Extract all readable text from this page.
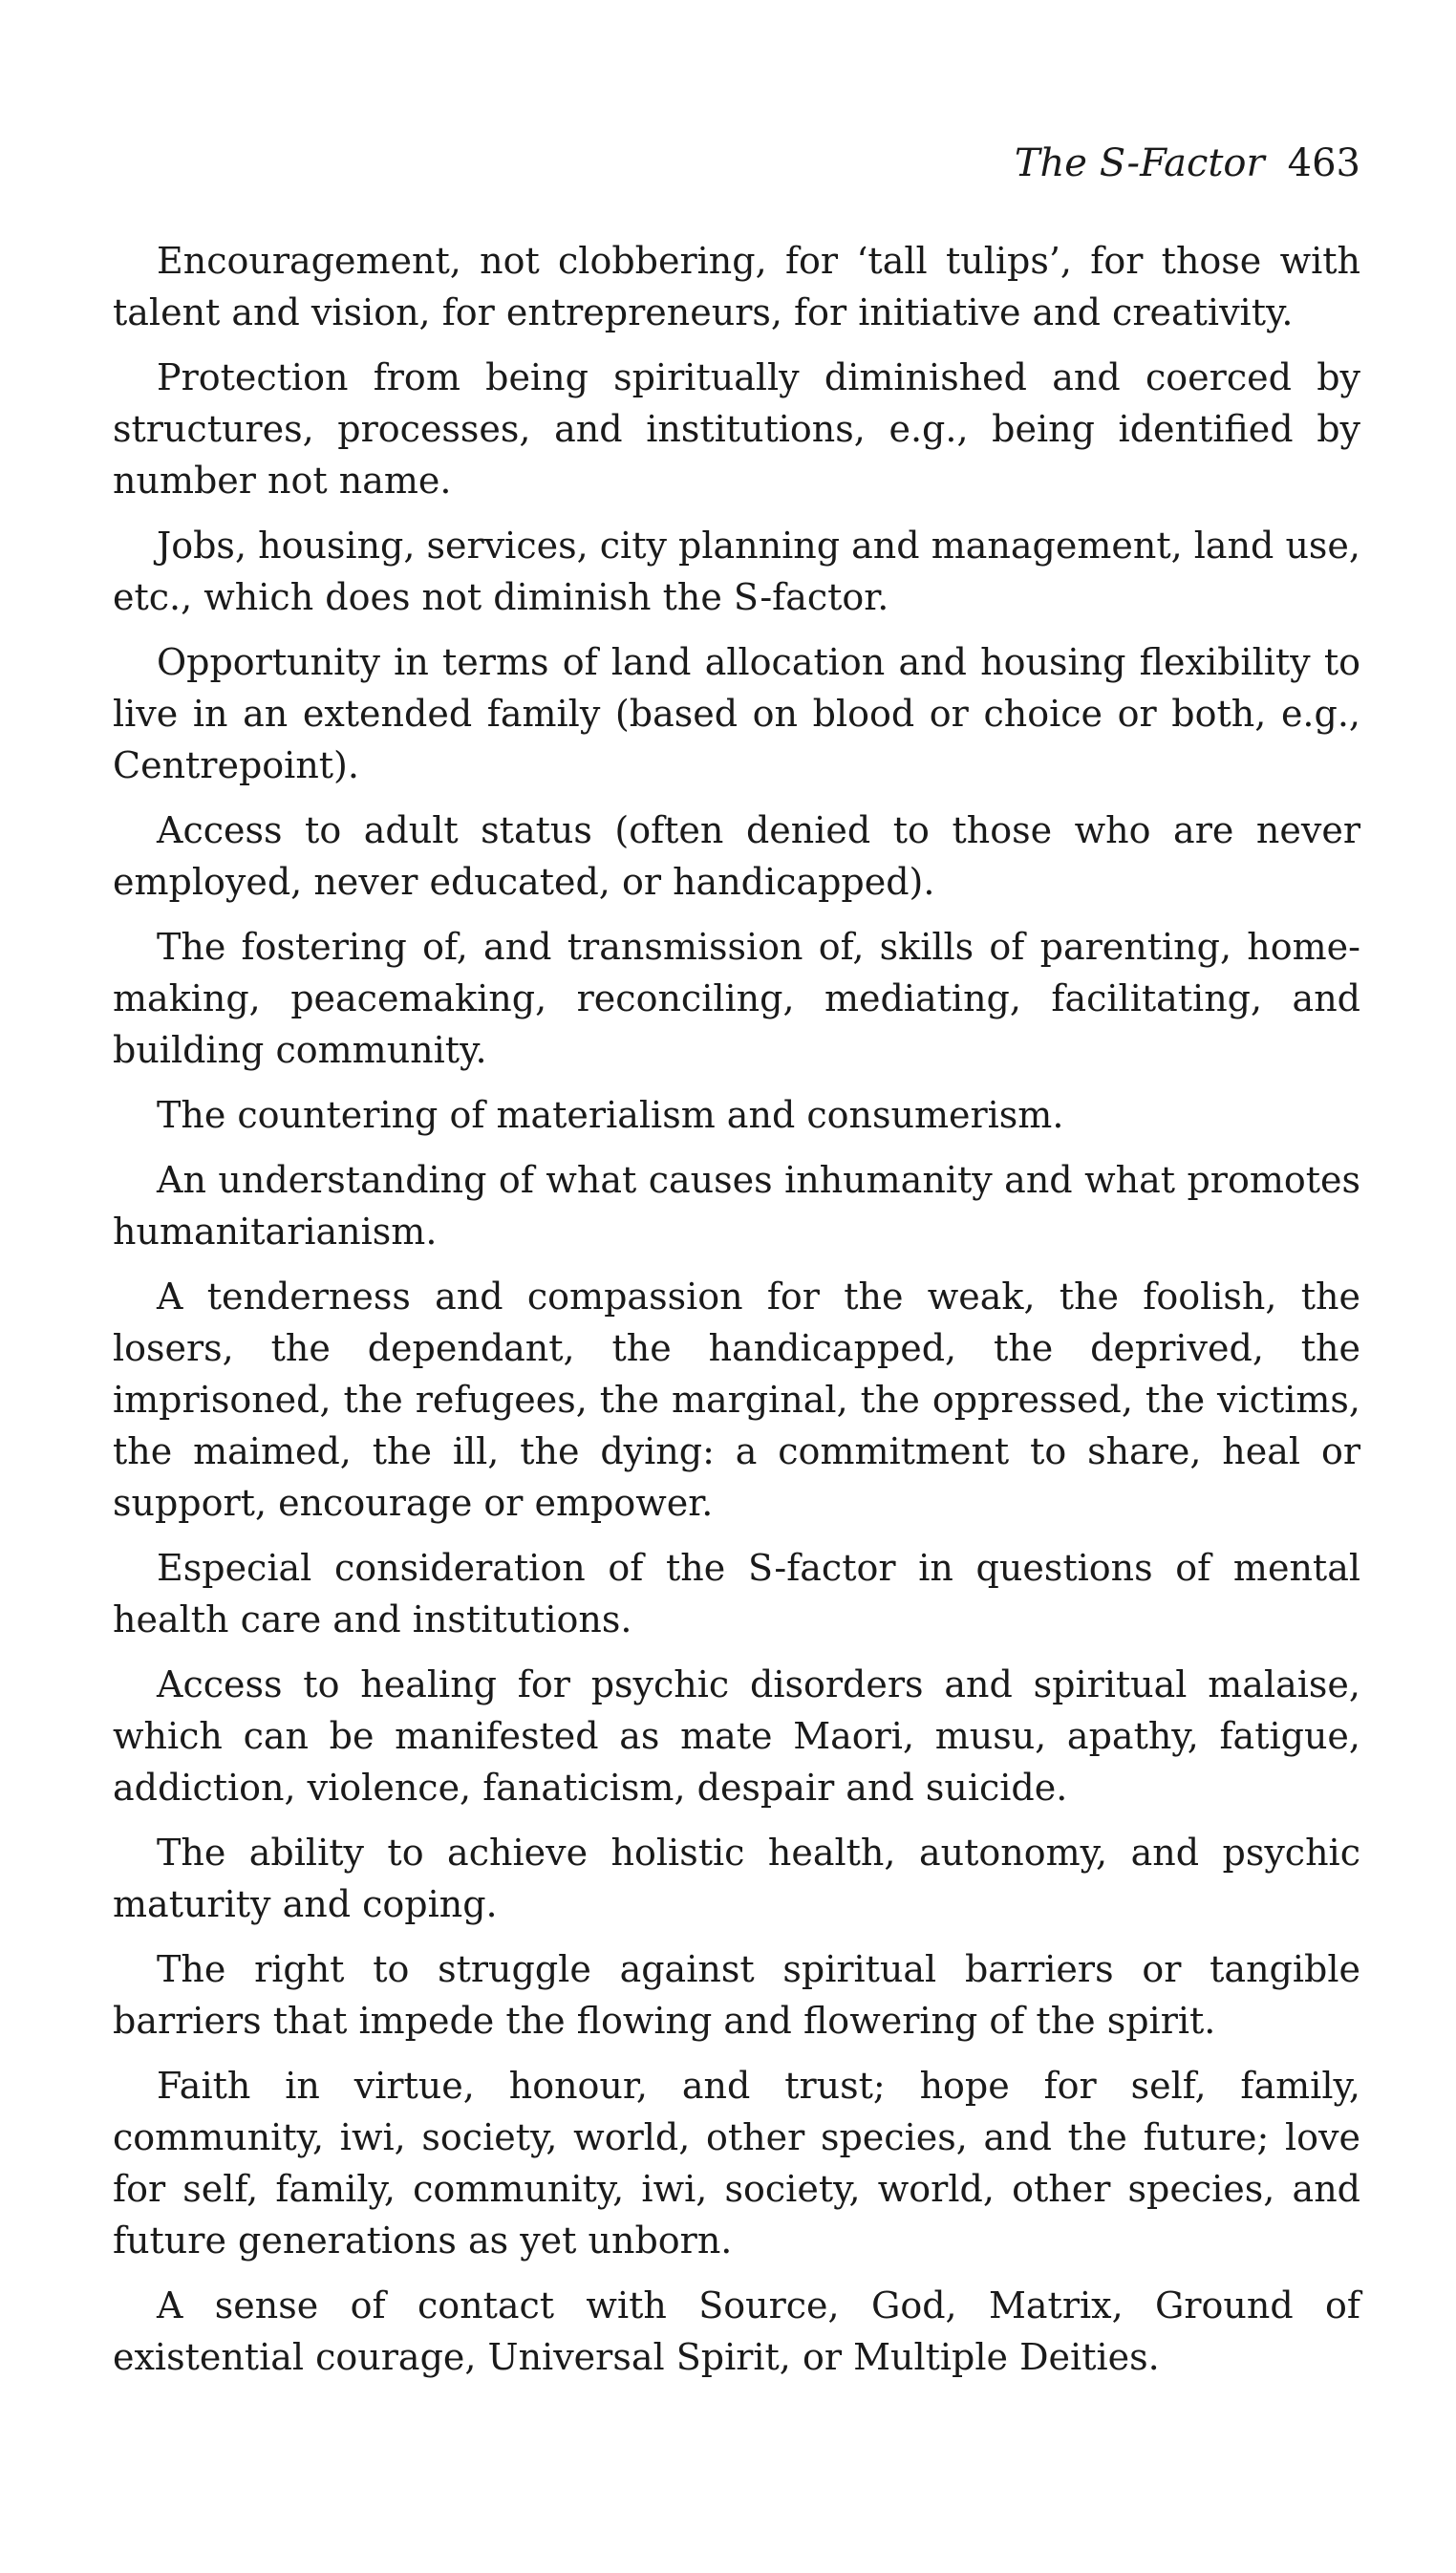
The S-Factor 463

Encouragement, not clobbering, for ‘tall tulips’, for those with talent and vision, for entrepreneurs, for initiative and creativity.

Protection from being spiritually diminished and coerced by structures, processes, and institutions, e.g., being identified by number not name.

Jobs, housing, services, city planning and management, land use, etc., which does not diminish the S-factor.

Opportunity in terms of land allocation and housing flexibility to live in an extended family (based on blood or choice or both, e.g., Centrepoint).

Access to adult status (often denied to those who are never employed, never educated, or handicapped).

The fostering of, and transmission of, skills of parenting, home-making, peacemaking, reconciling, mediating, facilitating, and building community.

The countering of materialism and consumerism.

An understanding of what causes inhumanity and what promotes humanitarianism.

A tenderness and compassion for the weak, the foolish, the losers, the dependant, the handicapped, the deprived, the imprisoned, the refugees, the marginal, the oppressed, the victims, the maimed, the ill, the dying: a commitment to share, heal or support, encourage or empower.

Especial consideration of the S-factor in questions of mental health care and institutions.

Access to healing for psychic disorders and spiritual malaise, which can be manifested as mate Maori, musu, apathy, fatigue, addiction, violence, fanaticism, despair and suicide.

The ability to achieve holistic health, autonomy, and psychic maturity and coping.

The right to struggle against spiritual barriers or tangible barriers that impede the flowing and flowering of the spirit.

Faith in virtue, honour, and trust; hope for self, family, community, iwi, society, world, other species, and the future; love for self, family, community, iwi, society, world, other species, and future generations as yet unborn.

A sense of contact with Source, God, Matrix, Ground of existential courage, Universal Spirit, or Multiple Deities.
